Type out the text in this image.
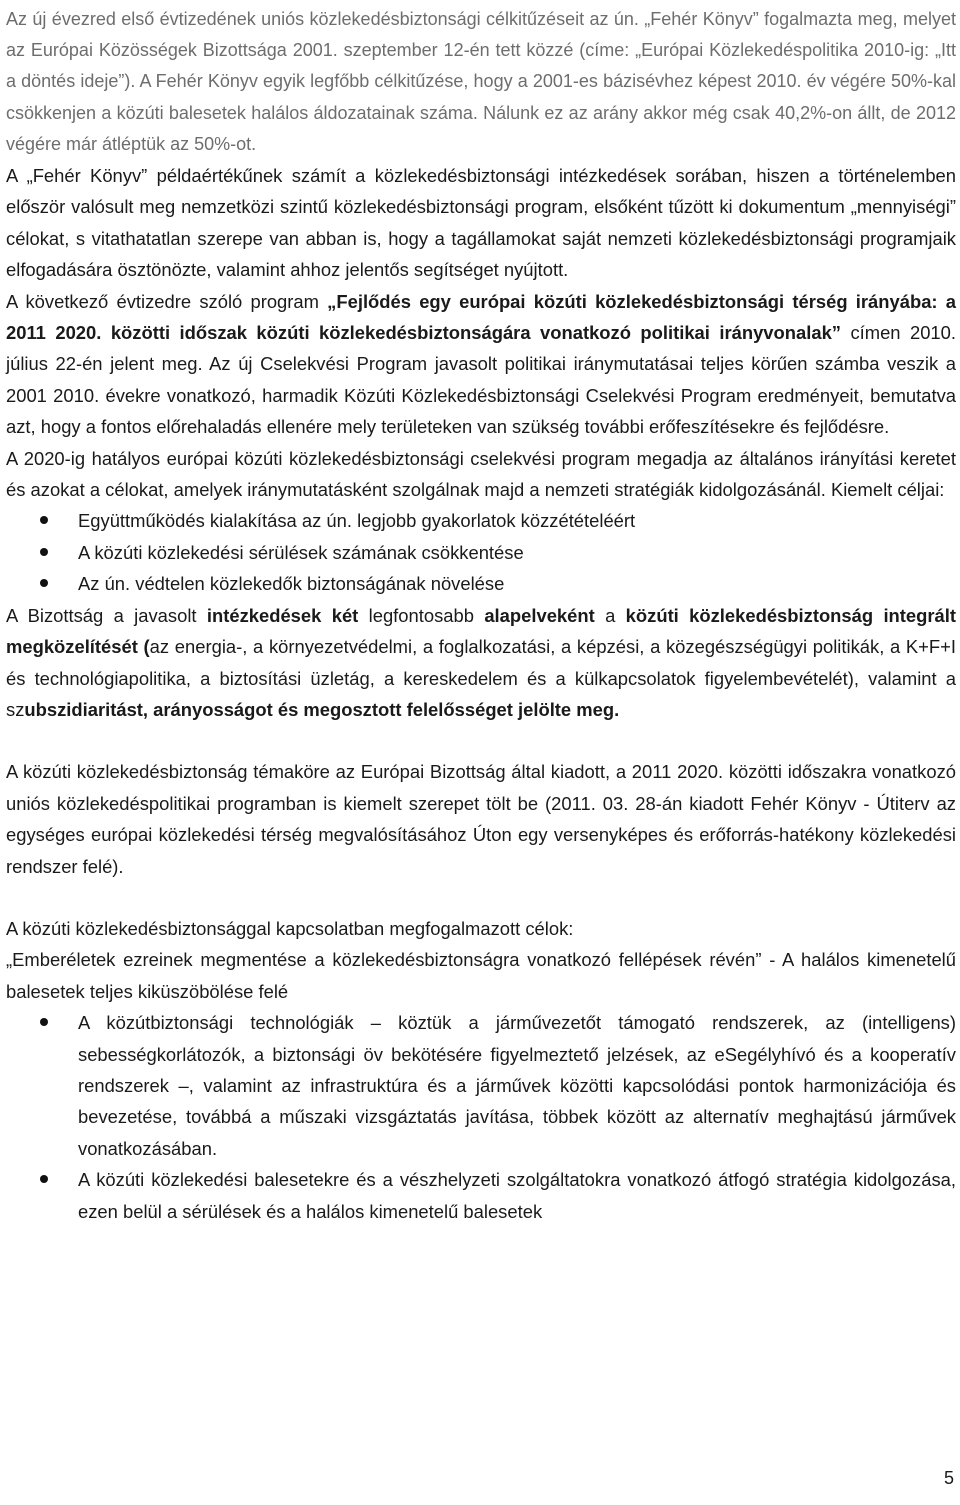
Az új évezred első évtizedének uniós közlekedésbiztonsági célkitűzéseit az ún. „Fehér Könyv” fogalmazta meg, melyet az Európai Közösségek Bizottsága 2001. szeptember 12-én tett közzé (címe: „Európai Közlekedéspolitika 2010-ig: „Itt a döntés ideje”). A Fehér Könyv egyik legfőbb célkitűzése, hogy a 2001-es bázisévhez képest 2010. év végére 50%-kal csökkenjen a közúti balesetek halálos áldozatainak száma. Nálunk ez az arány akkor még csak 40,2%-on állt, de 2012 végére már átléptük az 50%-ot.

A „Fehér Könyv” példaértékűnek számít a közlekedésbiztonsági intézkedések sorában, hiszen a történelemben először valósult meg nemzetközi szintű közlekedésbiztonsági program, elsőként tűzött ki dokumentum „mennyiségi” célokat, s vitathatatlan szerepe van abban is, hogy a tagállamokat saját nemzeti közlekedésbiztonsági programjaik elfogadására ösztönözte, valamint ahhoz jelentős segítséget nyújtott.

A következő évtizedre szóló program „Fejlődés egy európai közúti közlekedésbiztonsági térség irányába: a 2011 2020. közötti időszak közúti közlekedésbiztonságára vonatkozó politikai irányvonalak” címen 2010. július 22-én jelent meg. Az új Cselekvési Program javasolt politikai iránymutatásai teljes körűen számba veszik a 2001 2010. évekre vonatkozó, harmadik Közúti Közlekedésbiztonsági Cselekvési Program eredményeit, bemutatva azt, hogy a fontos előrehaladás ellenére mely területeken van szükség további erőfeszítésekre és fejlődésre.

A 2020-ig hatályos európai közúti közlekedésbiztonsági cselekvési program megadja az általános irányítási keretet és azokat a célokat, amelyek iránymutatásként szolgálnak majd a nemzeti stratégiák kidolgozásánál. Kiemelt céljai:

Együttműködés kialakítása az ún. legjobb gyakorlatok közzétételéért
A közúti közlekedési sérülések számának csökkentése
Az ún. védtelen közlekedők biztonságának növelése

A Bizottság a javasolt intézkedések két legfontosabb alapelveként a közúti közlekedésbiztonság integrált megközelítését (az energia-, a környezetvédelmi, a foglalkozatási, a képzési, a közegészségügyi politikák, a K+F+I és technológiapolitika, a biztosítási üzletág, a kereskedelem és a külkapcsolatok figyelembevételét), valamint a szubszidiaritást, arányosságot és megosztott felelősséget jelölte meg.

A közúti közlekedésbiztonság témaköre az Európai Bizottság által kiadott, a 2011 2020. közötti időszakra vonatkozó uniós közlekedéspolitikai programban is kiemelt szerepet tölt be (2011. 03. 28-án kiadott Fehér Könyv - Útiterv az egységes európai közlekedési térség megvalósításához Úton egy versenyképes és erőforrás-hatékony közlekedési rendszer felé).

A közúti közlekedésbiztonsággal kapcsolatban megfogalmazott célok:

„Emberéletek ezreinek megmentése a közlekedésbiztonságra vonatkozó fellépések révén” - A halálos kimenetelű balesetek teljes kiküszöbölése felé

A közútbiztonsági technológiák – köztük a járművezetőt támogató rendszerek, az (intelligens) sebességkorlátozók, a biztonsági öv bekötésére figyelmeztető jelzések, az eSegélyhívó és a kooperatív rendszerek –, valamint az infrastruktúra és a járművek közötti kapcsolódási pontok harmonizációja és bevezetése, továbbá a műszaki vizsgáztatás javítása, többek között az alternatív meghajtású járművek vonatkozásában.
A közúti közlekedési balesetekre és a vészhelyzeti szolgáltatokra vonatkozó átfogó stratégia kidolgozása, ezen belül a sérülések és a halálos kimenetelű balesetek
5
